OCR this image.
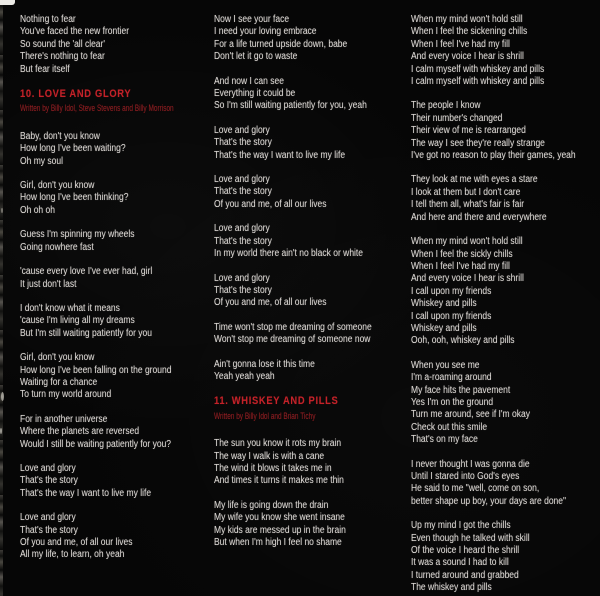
Nothing to fear
You've faced the new frontier
So sound the 'all clear'
There's nothing to fear
But fear itself
10. LOVE AND GLORY
Written by Billy Idol, Steve Stevens and Billy Morrison
Baby, don't you know
How long I've been waiting?
Oh my soul
Girl, don't you know
How long I've been thinking?
Oh oh oh
Guess I'm spinning my wheels
Going nowhere fast
'cause every love I've ever had, girl
It just don't last
I don't know what it means
'cause I'm living all my dreams
But I'm still waiting patiently for you
Girl, don't you know
How long I've been falling on the ground
Waiting for a chance
To turn my world around
For in another universe
Where the planets are reversed
Would I still be waiting patiently for you?
Love and glory
That's the story
That's the way I want to live my life
Love and glory
That's the story
Of you and me, of all our lives
All my life, to learn, oh yeah
Now I see your face
I need your loving embrace
For a life turned upside down, babe
Don't let it go to waste
And now I can see
Everything it could be
So I'm still waiting patiently for you, yeah
Love and glory
That's the story
That's the way I want to live my life
Love and glory
That's the story
Of you and me, of all our lives
Love and glory
That's the story
In my world there ain't no black or white
Love and glory
That's the story
Of you and me, of all our lives
Time won't stop me dreaming of someone
Won't stop me dreaming of someone now
Ain't gonna lose it this time
Yeah yeah yeah
11. WHISKEY AND PILLS
Written by Billy Idol and Brian Tichy
The sun you know it rots my brain
The way I walk is with a cane
The wind it blows it takes me in
And times it turns it makes me thin
My life is going down the drain
My wife you know she went insane
My kids are messed up in the brain
But when I'm high I feel no shame
When my mind won't hold still
When I feel the sickening chills
When I feel I've had my fill
And every voice I hear is shrill
I calm myself with whiskey and pills
I calm myself with whiskey and pills
The people I know
Their number's changed
Their view of me is rearranged
The way I see they're really strange
I've got no reason to play their games, yeah
They look at me with eyes a stare
I look at them but I don't care
I tell them all, what's fair is fair
And here and there and everywhere
When my mind won't hold still
When I feel the sickly chills
When I feel I've had my fill
And every voice I hear is shrill
I call upon my friends
Whiskey and pills
I call upon my friends
Whiskey and pills
Ooh, ooh, whiskey and pills
When you see me
I'm a-roaming around
My face hits the pavement
Yes I'm on the ground
Turn me around, see if I'm okay
Check out this smile
That's on my face
I never thought I was gonna die
Until I stared into God's eyes
He said to me "well, come on son,
better shape up boy, your days are done"
Up my mind I got the chills
Even though he talked with skill
Of the voice I heard the shrill
It was a sound I had to kill
I turned around and grabbed
The whiskey and pills
